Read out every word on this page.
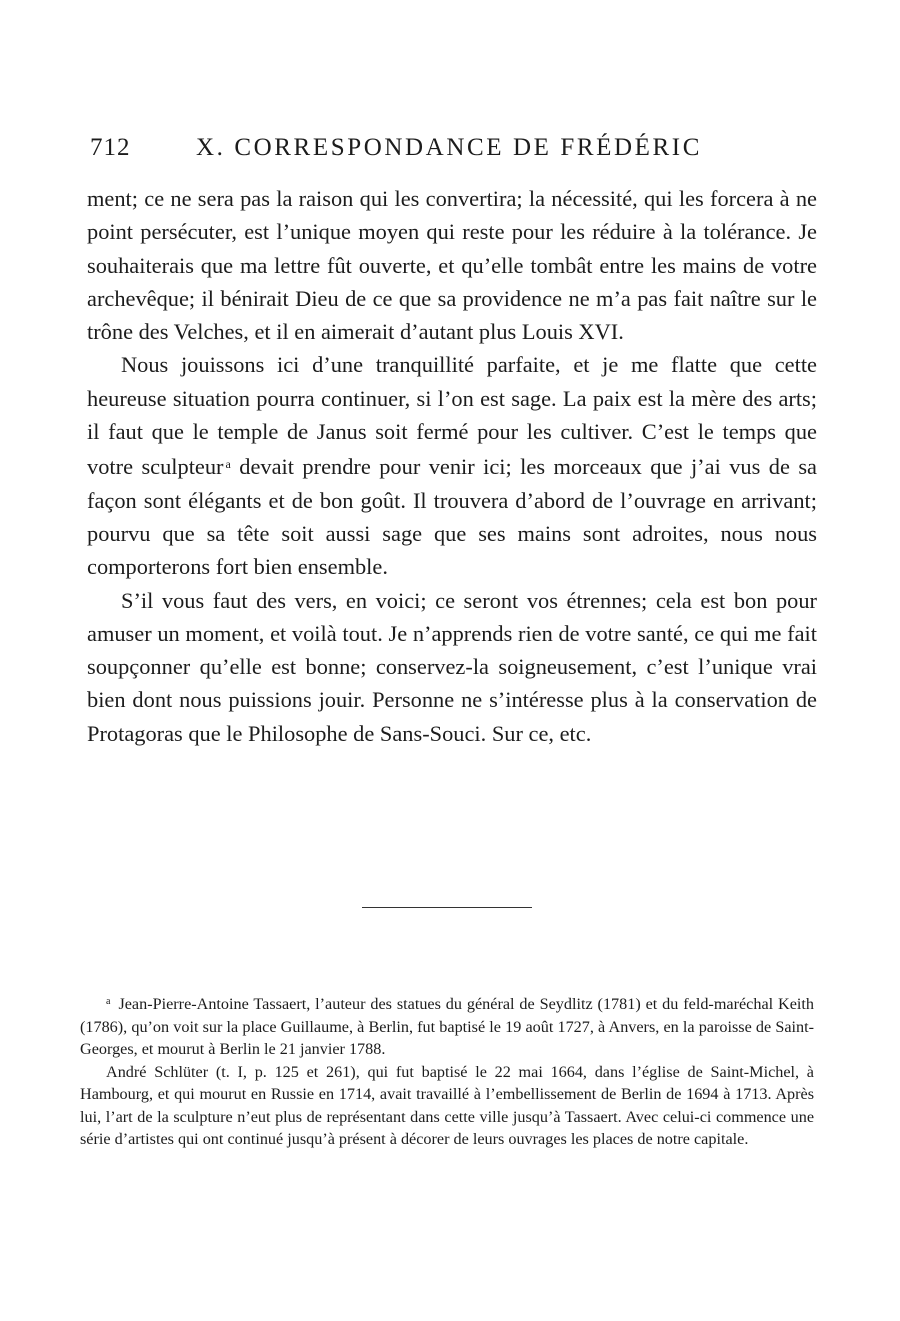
712	X. CORRESPONDANCE DE FRÉDÉRIC

ment; ce ne sera pas la raison qui les convertira; la nécessité, qui les forcera à ne point persécuter, est l’unique moyen qui reste pour les réduire à la tolérance. Je souhaiterais que ma lettre fût ouverte, et qu’elle tombât entre les mains de votre archevêque; il bénirait Dieu de ce que sa providence ne m’a pas fait naître sur le trône des Velches, et il en aimerait d’autant plus Louis XVI.

Nous jouissons ici d’une tranquillité parfaite, et je me flatte que cette heureuse situation pourra continuer, si l’on est sage. La paix est la mère des arts; il faut que le temple de Janus soit fermé pour les cultiver. C’est le temps que votre sculpteur $^a$ devait prendre pour venir ici; les morceaux que j’ai vus de sa façon sont élégants et de bon goût. Il trouvera d’abord de l’ouvrage en arrivant; pourvu que sa tête soit aussi sage que ses mains sont adroites, nous nous comporterons fort bien ensemble.

S’il vous faut des vers, en voici; ce seront vos étrennes; cela est bon pour amuser un moment, et voilà tout. Je n’apprends rien de votre santé, ce qui me fait soupçonner qu’elle est bonne; conservez-la soigneusement, c’est l’unique vrai bien dont nous puissions jouir. Personne ne s’intéresse plus à la conservation de Protagoras que le Philosophe de Sans-Souci. Sur ce, etc.

$^a$ Jean-Pierre-Antoine Tassaert, l’auteur des statues du général de Seydlitz (1781) et du feld-maréchal Keith (1786), qu’on voit sur la place Guillaume, à Berlin, fut baptisé le 19 août 1727, à Anvers, en la paroisse de Saint-Georges, et mourut à Berlin le 21 janvier 1788.

André Schlüter (t. I, p. 125 et 261), qui fut baptisé le 22 mai 1664, dans l’église de Saint-Michel, à Hambourg, et qui mourut en Russie en 1714, avait travaillé à l’embellissement de Berlin de 1694 à 1713. Après lui, l’art de la sculpture n’eut plus de représentant dans cette ville jusqu’à Tassaert. Avec celui-ci commence une série d’artistes qui ont continué jusqu’à présent à décorer de leurs ouvrages les places de notre capitale.
